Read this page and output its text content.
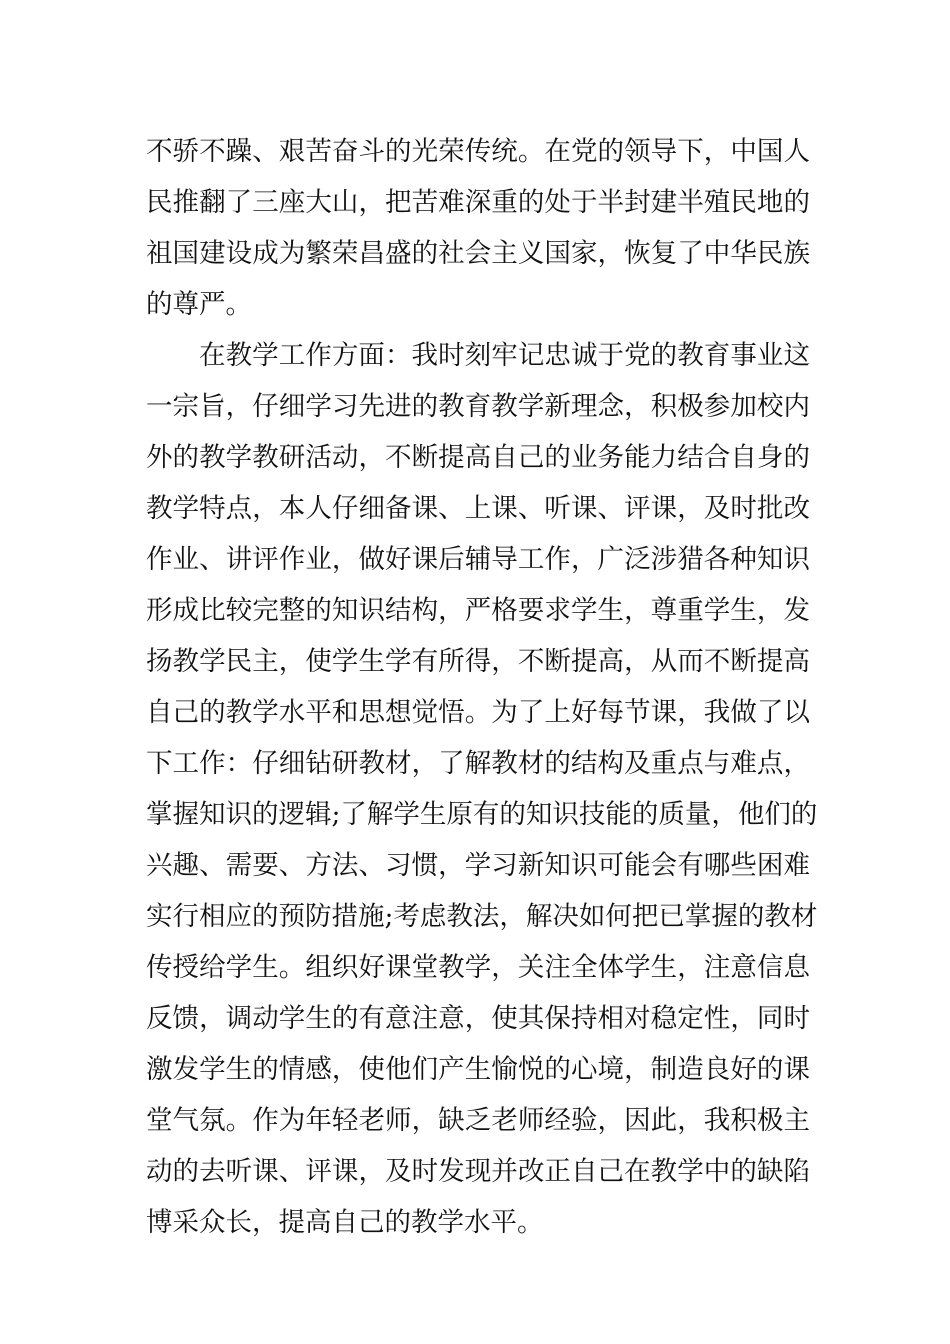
不骄不躁、艰苦奋斗的光荣传统。在党的领导下，中国人
民推翻了三座大山，把苦难深重的处于半封建半殖民地的
祖国建设成为繁荣昌盛的社会主义国家，恢复了中华民族
的尊严。
在教学工作方面：我时刻牢记忠诚于党的教育事业这
一宗旨，仔细学习先进的教育教学新理念，积极参加校内
外的教学教研活动，不断提高自己的业务能力结合自身的
教学特点，本人仔细备课、上课、听课、评课，及时批改
作业、讲评作业，做好课后辅导工作，广泛涉猎各种知识
形成比较完整的知识结构，严格要求学生，尊重学生，发
扬教学民主，使学生学有所得，不断提高，从而不断提高
自己的教学水平和思想觉悟。为了上好每节课，我做了以
下工作：仔细钻研教材，了解教材的结构及重点与难点，
掌握知识的逻辑;了解学生原有的知识技能的质量，他们的
兴趣、需要、方法、习惯，学习新知识可能会有哪些困难
实行相应的预防措施;考虑教法，解决如何把已掌握的教材
传授给学生。组织好课堂教学，关注全体学生，注意信息
反馈，调动学生的有意注意，使其保持相对稳定性，同时
激发学生的情感，使他们产生愉悦的心境，制造良好的课
堂气氛。作为年轻老师，缺乏老师经验，因此，我积极主
动的去听课、评课，及时发现并改正自己在教学中的缺陷
博采众长，提高自己的教学水平。
